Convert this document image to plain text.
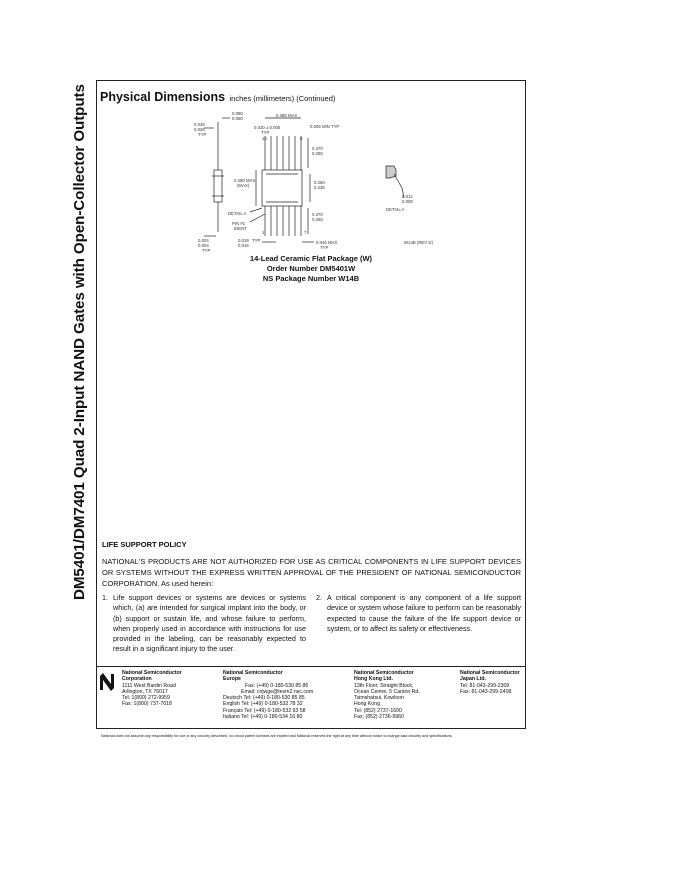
DM5401/DM7401 Quad 2-Input NAND Gates with Open-Collector Outputs Physical Dimensions inches (millimeters) (Continued)
0.080
0.050
0.045
0.026
TYP
0.030 ± 0.005
TYP
14
0.385 MAX
8
0.005 MIN TYP
0.370
0.250
0.280 MAX
(MAX)
0.260
0.235
0.012
0.008
DETAIL A
DETAIL A
PIN #1
IDENT
1	7
0.370
0.250
0.004
0.004
TYP
0.019
0.015
TYP	0.045 MAX
TYP
W14B (REV D)
14-Lead Ceramic Flat Package (W)
Order Number DM5401W
NS Package Number W14B
LIFE SUPPORT POLICY
NATIONAL'S PRODUCTS ARE NOT AUTHORIZED FOR USE AS CRITICAL COMPONENTS IN LIFE SUPPORT DEVICES OR SYSTEMS WITHOUT THE EXPRESS WRITTEN APPROVAL OF THE PRESIDENT OF NATIONAL SEMICONDUCTOR CORPORATION. As used herein:
1. Life support devices or systems are devices or systems which, (a) are intended for surgical implant into the body, or (b) support or sustain life, and whose failure to perform, when properly used in accordance with instructions for use provided in the labeling, can be reasonably expected to result in a significant injury to the user.
2. A critical component is any component of a life support device or system whose failure to perform can be reasonably expected to cause the failure of the life support device or system, or to affect its safety or effectiveness.
National Semiconductor
Corporation
1111 West Bardin Road
Arlington, TX 76017
Tel: 1(800) 272-9959
Fax: 1(800) 737-7018
National Semiconductor
Europe
Fax: (+49) 0-180-530 85 86
Email: cnjwge@tevm2.nsc.com
Deutsch Tel: (+49) 0-180-530 85 85
English Tel: (+49) 0-180-532 78 32
Français Tel: (+49) 0-180-532 93 58
Italiano Tel: (+49) 0-180-534 16 80
National Semiconductor
Hong Kong Ltd.
13th Floor, Straight Block,
Ocean Centre, 5 Canton Rd.
Tsimshatsui, Kowloon
Hong Kong
Tel: (852) 2737-1600
Fax: (852) 2736-9960
National Semiconductor
Japan Ltd.
Tel: 81-043-299-2309
Fax: 81-043-299-2408
National does not assume any responsibility for use of any circuitry described, no circuit patent licenses are implied and National reserves the right at any time without notice to change said circuitry and specifications.
